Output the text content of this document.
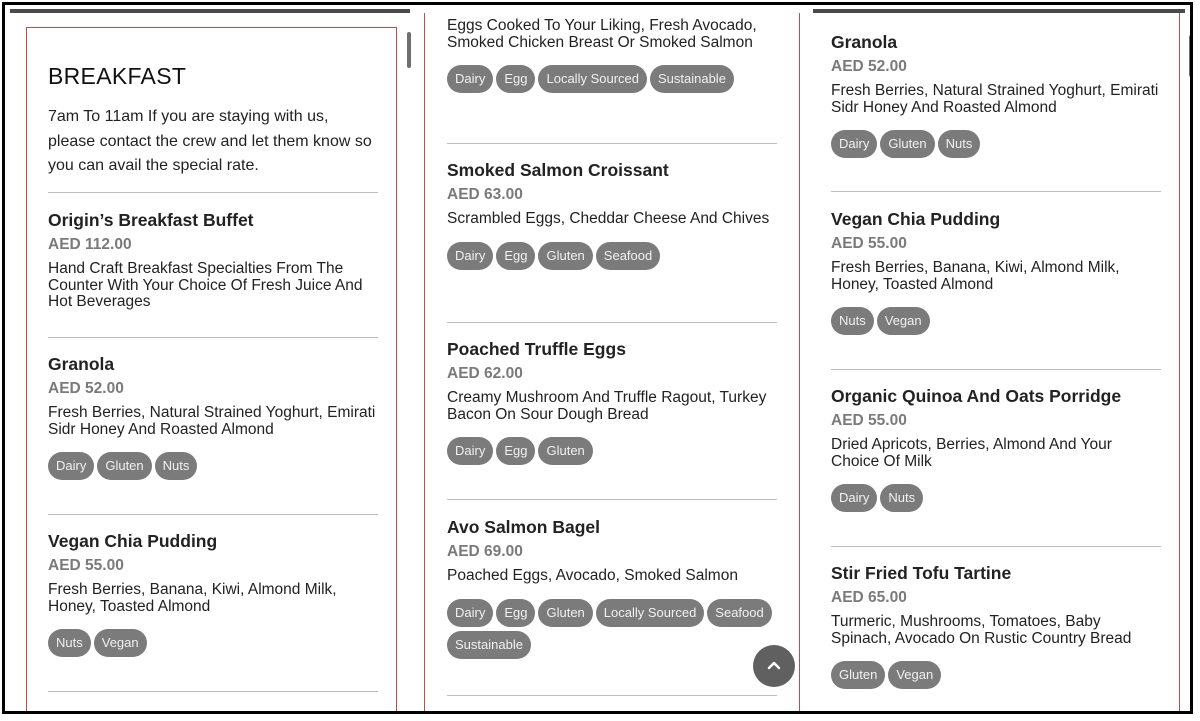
BREAKFAST
7am To 11am If you are staying with us, please contact the crew and let them know so you can avail the special rate.
Origin’s Breakfast Buffet
AED 112.00
Hand Craft Breakfast Specialties From The Counter With Your Choice Of Fresh Juice And Hot Beverages
Granola
AED 52.00
Fresh Berries, Natural Strained Yoghurt, Emirati Sidr Honey And Roasted Almond
Dairy	Gluten	Nuts
Vegan Chia Pudding
AED 55.00
Fresh Berries, Banana, Kiwi, Almond Milk, Honey, Toasted Almond
Nuts	Vegan
Eggs Cooked To Your Liking, Fresh Avocado, Smoked Chicken Breast Or Smoked Salmon
Dairy	Egg	Locally Sourced	Sustainable
Smoked Salmon Croissant
AED 63.00
Scrambled Eggs, Cheddar Cheese And Chives
Dairy	Egg	Gluten	Seafood
Poached Truffle Eggs
AED 62.00
Creamy Mushroom And Truffle Ragout, Turkey Bacon On Sour Dough Bread
Dairy	Egg	Gluten
Avo Salmon Bagel
AED 69.00
Poached Eggs, Avocado, Smoked Salmon
Dairy	Egg	Gluten	Locally Sourced	Seafood
Sustainable
Granola
AED 52.00
Fresh Berries, Natural Strained Yoghurt, Emirati Sidr Honey And Roasted Almond
Dairy	Gluten	Nuts
Vegan Chia Pudding
AED 55.00
Fresh Berries, Banana, Kiwi, Almond Milk, Honey, Toasted Almond
Nuts	Vegan
Organic Quinoa And Oats Porridge
AED 55.00
Dried Apricots, Berries, Almond And Your Choice Of Milk
Dairy	Nuts
Stir Fried Tofu Tartine
AED 65.00
Turmeric, Mushrooms, Tomatoes, Baby Spinach, Avocado On Rustic Country Bread
Gluten	Vegan
